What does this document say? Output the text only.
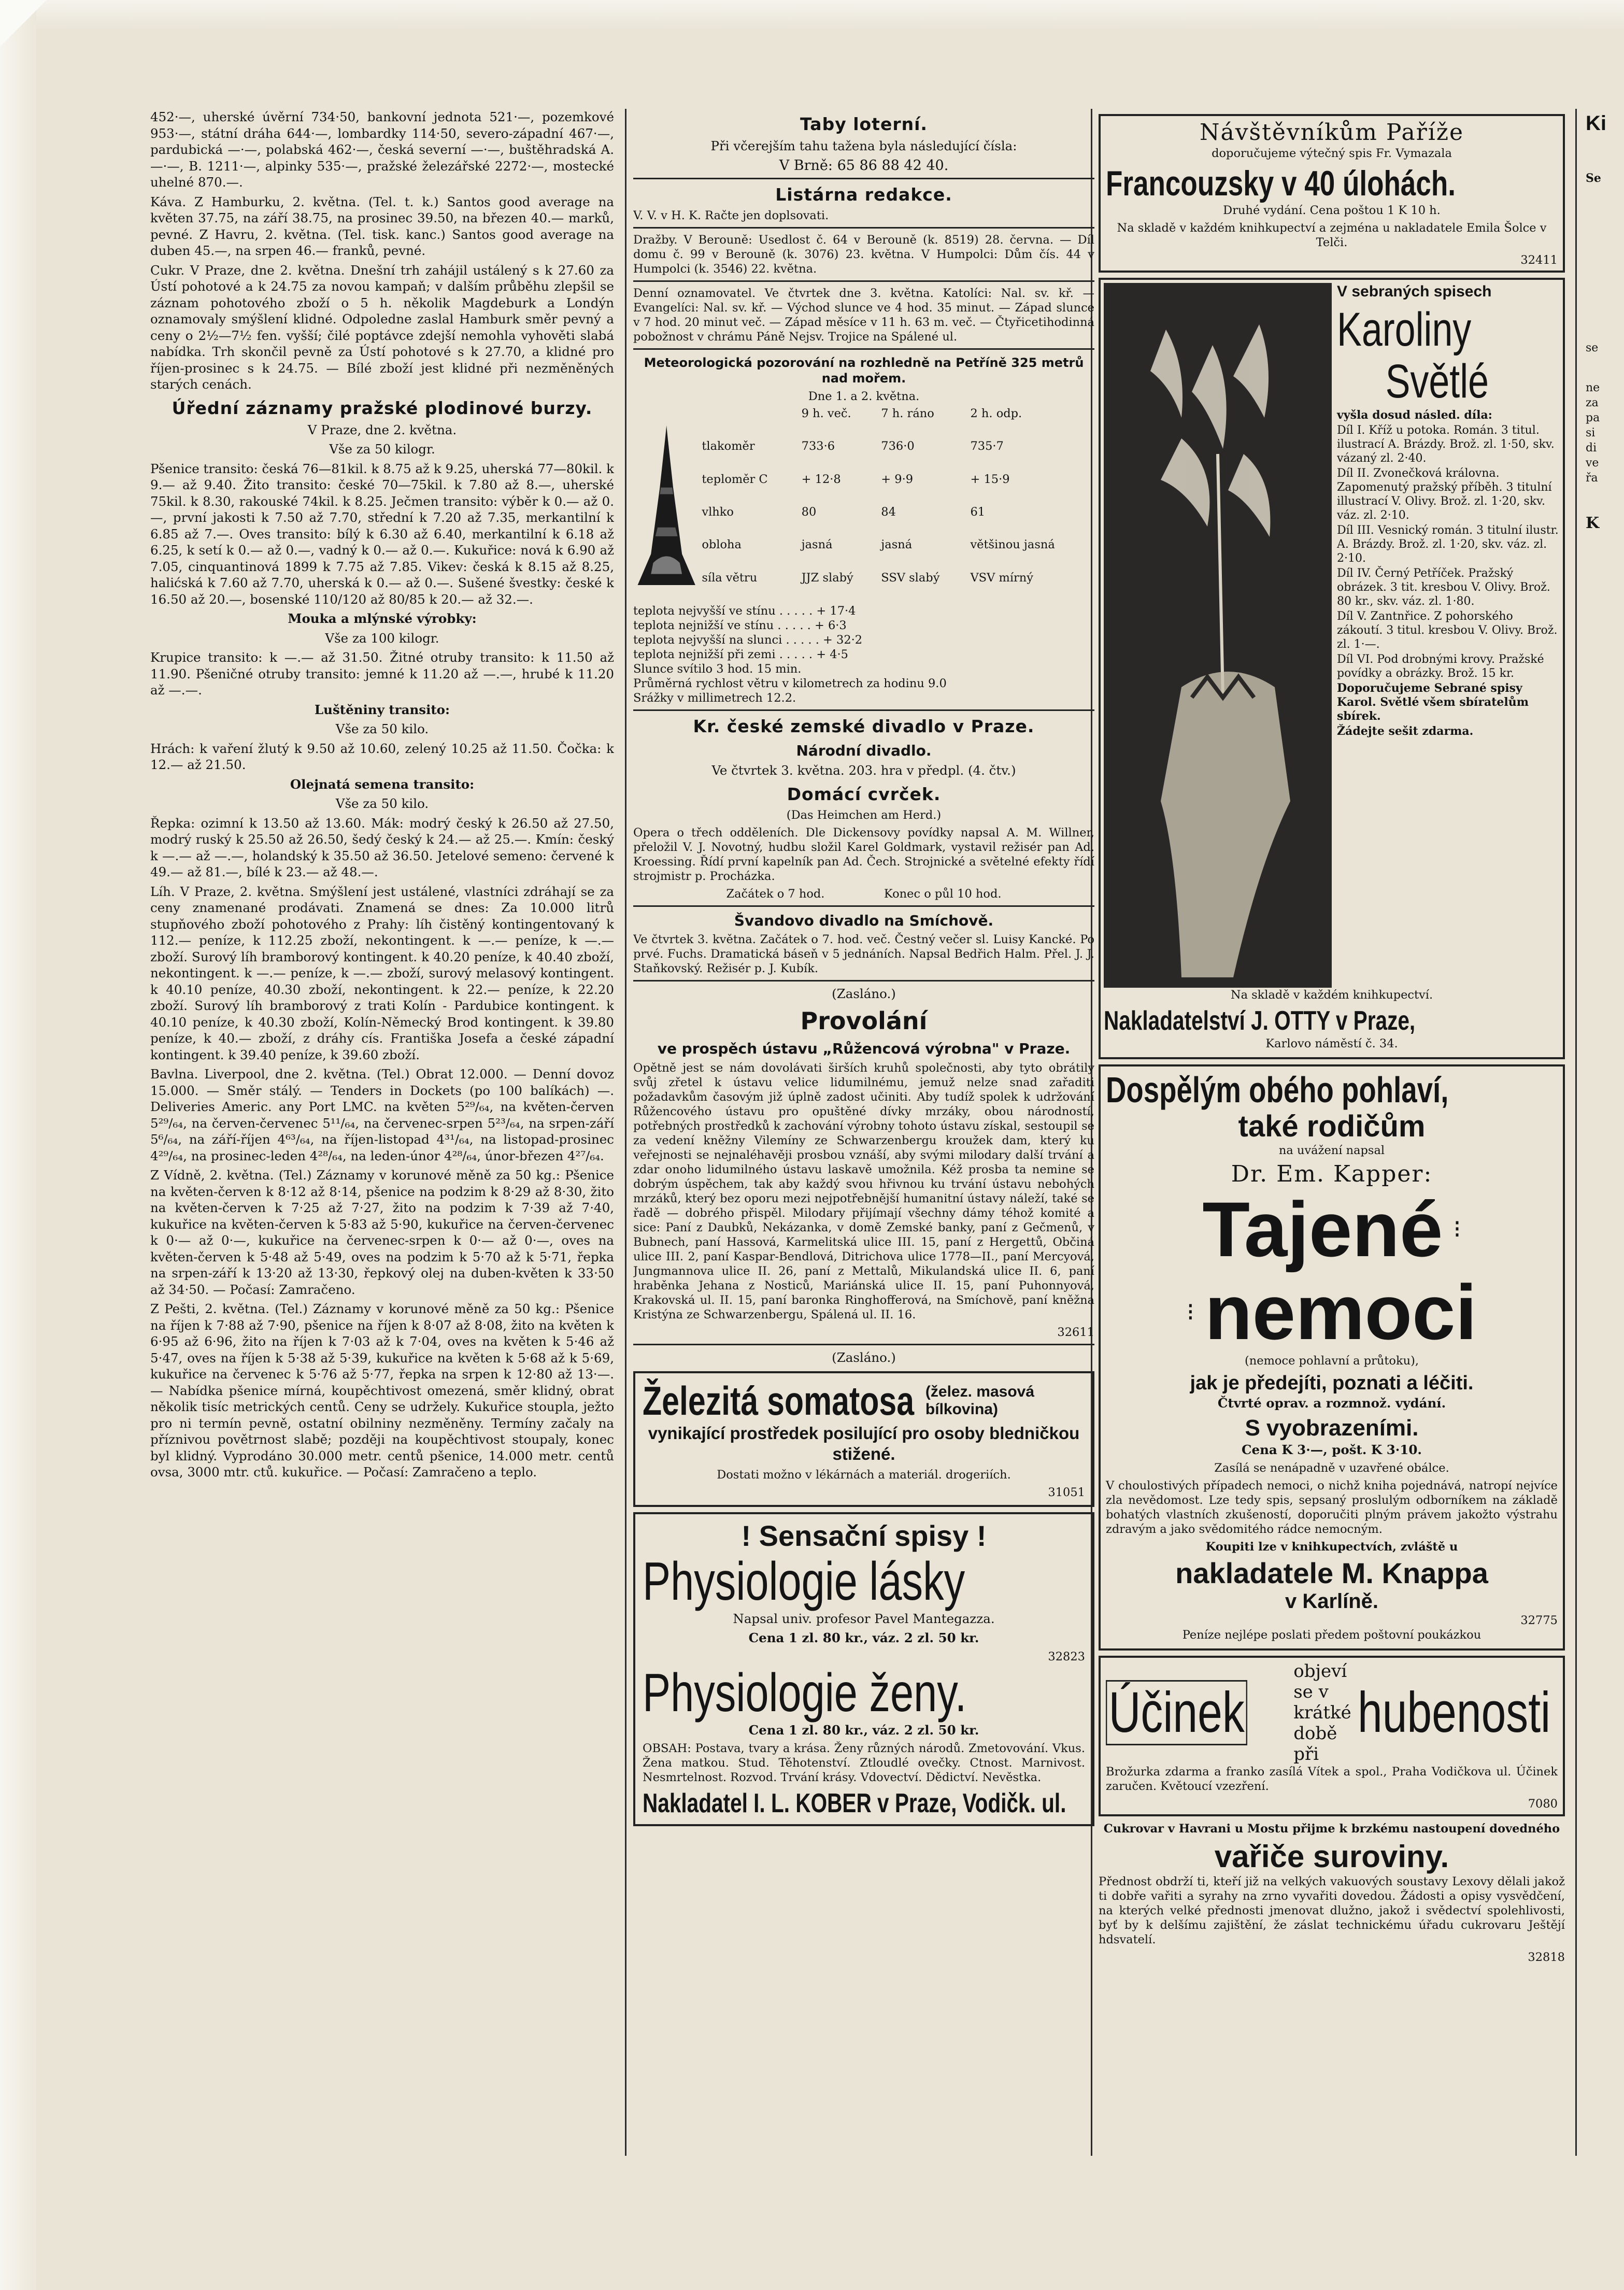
452·—, uherské úvěrní 734·50, bankovní jednota 521·—, pozemkové 953·—, státní dráha 644·—, lombardky 114·50, severo-západní 467·—, pardubická —·—, polabská 462·—, česká severní —·—, buštěhradská A. —·—, B. 1211·—, alpinky 535·—, pražské železářské 2272·—, mostecké uhelné 870.—.

Káva. Z Hamburku, 2. května. (Tel. t. k.) Santos good average na květen 37.75, na září 38.75, na prosinec 39.50, na březen 40.— marků, pevné. Z Havru, 2. května. (Tel. tisk. kanc.) Santos good average na duben 45.—, na srpen 46.— franků, pevné.

Cukr. V Praze, dne 2. května. Dnešní trh zahájil ustálený s k 27.60 za Ústí pohotové a k 24.75 za novou kampaň; v dalším průběhu zlepšil se záznam pohotového zboží o 5 h. několik Magdeburk a Londýn oznamovaly smýšlení klidné. Odpoledne zaslal Hamburk směr pevný a ceny o 2½—7½ fen. vyšší; čilé poptávce zdejší nemohla vyhověti slabá nabídka. Trh skončil pevně za Ústí pohotové s k 27.70, a klidné pro říjen-prosinec s k 24.75. — Bílé zboží jest klidné při nezměněných starých cenách.

Úřední záznamy pražské plodinové burzy.

V Praze, dne 2. května.

Vše za 50 kilogr.

Pšenice transito: česká 76—81kil. k 8.75 až k 9.25, uherská 77—80kil. k 9.— až 9.40. Žito transito: české 70—75kil. k 7.80 až 8.—, uherské 75kil. k 8.30, rakouské 74kil. k 8.25. Ječmen transito: výběr k 0.— až 0.—, první jakosti k 7.50 až 7.70, střední k 7.20 až 7.35, merkantilní k 6.85 až 7.—. Oves transito: bílý k 6.30 až 6.40, merkantilní k 6.18 až 6.25, k setí k 0.— až 0.—, vadný k 0.— až 0.—. Kukuřice: nová k 6.90 až 7.05, cinquantinová 1899 k 7.75 až 7.85. Vikev: česká k 8.15 až 8.25, halićská k 7.60 až 7.70, uherská k 0.— až 0.—. Sušené švestky: české k 16.50 až 20.—, bosenské 110/120 až 80/85 k 20.— až 32.—.

Mouka a mlýnské výrobky:

Vše za 100 kilogr.

Krupice transito: k —.— až 31.50. Žitné otruby transito: k 11.50 až 11.90. Pšeničné otruby transito: jemné k 11.20 až —.—, hrubé k 11.20 až —.—.

Luštěniny transito:

Vše za 50 kilo.

Hrách: k vaření žlutý k 9.50 až 10.60, zelený 10.25 až 11.50. Čočka: k 12.— až 21.50.

Olejnatá semena transito:

Vše za 50 kilo.

Řepka: ozimní k 13.50 až 13.60. Mák: modrý český k 26.50 až 27.50, modrý ruský k 25.50 až 26.50, šedý český k 24.— až 25.—. Kmín: český k —.— až —.—, holandský k 35.50 až 36.50. Jetelové semeno: červené k 49.— až 81.—, bílé k 23.— až 48.—.

Líh. V Praze, 2. května. Smýšlení jest ustálené, vlastníci zdráhají se za ceny znamenané prodávati. Znamená se dnes: Za 10.000 litrů stupňového zboží pohotového z Prahy: líh čistěný kontingentovaný k 112.— peníze, k 112.25 zboží, nekontingent. k —.— peníze, k —.— zboží. Surový líh bramborový kontingent. k 40.20 peníze, k 40.40 zboží, nekontingent. k —.— peníze, k —.— zboží, surový melasový kontingent. k 40.10 peníze, 40.30 zboží, nekontingent. k 22.— peníze, k 22.20 zboží. Surový líh bramborový z trati Kolín - Pardubice kontingent. k 40.10 peníze, k 40.30 zboží, Kolín-Německý Brod kontingent. k 39.80 peníze, k 40.— zboží, z dráhy cís. Františka Josefa a české západní kontingent. k 39.40 peníze, k 39.60 zboží.

Bavlna. Liverpool, dne 2. května. (Tel.) Obrat 12.000. — Denní dovoz 15.000. — Směr stálý. — Tenders in Dockets (po 100 balíkách) —. Deliveries Americ. any Port LMC. na květen 5²⁹/₆₄, na květen-červen 5²⁹/₆₄, na červen-červenec 5¹¹/₆₄, na červenec-srpen 5²³/₆₄, na srpen-září 5⁶/₆₄, na září-říjen 4⁶³/₆₄, na říjen-listopad 4³¹/₆₄, na listopad-prosinec 4²⁹/₆₄, na prosinec-leden 4²⁸/₆₄, na leden-únor 4²⁸/₆₄, únor-březen 4²⁷/₆₄.

Z Vídně, 2. května. (Tel.) Záznamy v korunové měně za 50 kg.: Pšenice na květen-červen k 8·12 až 8·14, pšenice na podzim k 8·29 až 8·30, žito na květen-červen k 7·25 až 7·27, žito na podzim k 7·39 až 7·40, kukuřice na květen-červen k 5·83 až 5·90, kukuřice na červen-červenec k 0·— až 0·—, kukuřice na červenec-srpen k 0·— až 0·—, oves na květen-červen k 5·48 až 5·49, oves na podzim k 5·70 až k 5·71, řepka na srpen-září k 13·20 až 13·30, řepkový olej na duben-květen k 33·50 až 34·50. — Počasí: Zamračeno.

Z Pešti, 2. května. (Tel.) Záznamy v korunové měně za 50 kg.: Pšenice na říjen k 7·88 až 7·90, pšenice na říjen k 8·07 až 8·08, žito na květen k 6·95 až 6·96, žito na říjen k 7·03 až k 7·04, oves na květen k 5·46 až 5·47, oves na říjen k 5·38 až 5·39, kukuřice na květen k 5·68 až k 5·69, kukuřice na červenec k 5·76 až 5·77, řepka na srpen k 12·80 až 13·—. — Nabídka pšenice mírná, koupěchtivost omezená, směr klidný, obrat několik tisíc metrických centů. Ceny se udržely. Kukuřice stoupla, ježto pro ni termín pevně, ostatní obilniny nezměněny. Termíny začaly na příznivou povětrnost slabě; později na koupěchtivost stoupaly, konec byl klidný. Vyprodáno 30.000 metr. centů pšenice, 14.000 metr. centů ovsa, 3000 mtr. ctů. kukuřice. — Počasí: Zamračeno a teplo.

Taby loterní.

Při včerejším tahu tažena byla následující čísla:

V Brně: 65 86 88 42 40.

Listárna redakce.

V. V. v H. K. Račte jen doplsovati.

Dražby. V Berouně: Usedlost č. 64 v Berouně (k. 8519) 28. června. — Díl domu č. 99 v Berouně (k. 3076) 23. května. V Humpolci: Dům čís. 44 v Humpolci (k. 3546) 22. května.

Denní oznamovatel. Ve čtvrtek dne 3. května. Katolíci: Nal. sv. kř. — Evangelíci: Nal. sv. kř. — Východ slunce ve 4 hod. 35 minut. — Západ slunce v 7 hod. 20 minut več. — Západ měsíce v 11 h. 63 m. več. — Čtyřicetihodinná pobožnost v chrámu Páně Nejsv. Trojice na Spálené ul.

Meteorologická pozorování na rozhledně na Petříně 325 metrů nad mořem.

Dne 1. a 2. května.

	9 h. več.	7 h. ráno	2 h. odp.
tlakoměr	733·6	736·0	735·7
teploměr C	+ 12·8	+ 9·9	+ 15·9
vlhko	80	84	61
obloha	jasná	jasná	většinou jasná
síla větru	JJZ slabý	SSV slabý	VSV mírný

teplota nejvyšší ve stínu . . . . . + 17·4
teplota nejnižší ve stínu . . . . . + 6·3
teplota nejvyšší na slunci . . . . . + 32·2
teplota nejnižší při zemi . . . . . + 4·5
Slunce svítilo 3 hod. 15 min.
Průměrná rychlost větru v kilometrech za hodinu 9.0
Srážky v millimetrech 12.2.

Kr. české zemské divadlo v Praze.
Národní divadlo.

Ve čtvrtek 3. května. 203. hra v předpl. (4. čtv.)

Domácí cvrček.

(Das Heimchen am Herd.)

Opera o třech odděleních. Dle Dickensovy povídky napsal A. M. Willner, přeložil V. J. Novotný, hudbu složil Karel Goldmark, vystavil režisér pan Ad. Kroessing. Řídí první kapelník pan Ad. Čech. Strojnické a světelné efekty řídí strojmistr p. Procházka.

Začátek o 7 hod.                Konec o půl 10 hod.

Švandovo divadlo na Smíchově.

Ve čtvrtek 3. května. Začátek o 7. hod. več. Čestný večer sl. Luisy Kancké. Po prvé. Fuchs. Dramatická báseň v 5 jednáních. Napsal Bedřich Halm. Přel. J. J. Staňkovský. Režisér p. J. Kubík.

(Zasláno.)

Provolání
ve prospěch ústavu „Růžencová výrobna" v Praze.

Opětně jest se nám dovolávati širších kruhů společnosti, aby tyto obrátily svůj zřetel k ústavu velice lidumilnému, jemuž nelze snad zařaditi požadavkům časovým již úplně zadost učiniti. Aby tudíž spolek k udržování Růžencového ústavu pro opuštěné dívky mrzáky, obou národností, potřebných prostředků k zachování výrobny tohoto ústavu získal, sestoupil se za vedení kněžny Vilemíny ze Schwarzenbergu kroužek dam, který ku veřejnosti se nejnaléhavěji prosbou vznáší, aby svými milodary další trvání a zdar onoho lidumilného ústavu laskavě umožnila. Kéž prosba ta nemine se dobrým úspěchem, tak aby každý svou hřivnou ku trvání ústavu nebohých mrzáků, který bez oporu mezi nejpotřebnější humanitní ústavy náleží, také se řadě — dobrého přispěl. Milodary přijímají všechny dámy téhož komité a sice: Paní z Daubků, Nekázanka, v domě Zemské banky, paní z Gečmenů, v Bubnech, paní Hassová, Karmelitská ulice III. 15, paní z Hergettů, Občiná ulice III. 2, paní Kaspar-Bendlová, Ditrichova ulice 1778—II., paní Mercyová, Jungmannova ulice II. 26, paní z Mettalů, Mikulandská ulice II. 6, paní hraběnka Jehana z Nosticů, Mariánská ulice II. 15, paní Puhonnyová, Krakovská ul. II. 15, paní baronka Ringhofferová, na Smíchově, paní kněžna Kristýna ze Schwarzenbergu, Spálená ul. II. 16.

32611

(Zasláno.)

Železitá somatosa (želez. masová bílkovina)

vynikající prostředek posilující pro osoby bledničkou stižené.

Dostati možno v lékárnách a materiál. drogeriích.

31051

! Sensační spisy !
Physiologie lásky

Napsal univ. profesor Pavel Mantegazza.

Cena 1 zl. 80 kr., váz. 2 zl. 50 kr.

32823

Physiologie ženy.

Cena 1 zl. 80 kr., váz. 2 zl. 50 kr.

OBSAH: Postava, tvary a krása. Ženy různých národů. Zmetovování. Vkus. Žena matkou. Stud. Těhotenství. Ztloudlé ovečky. Ctnost. Marnivost. Nesmrtelnost. Rozvod. Trvání krásy. Vdovectví. Dědictví. Nevěstka.

Nakladatel I. L. KOBER v Praze, Vodičk. ul.
Návštěvníkům Paříže

doporučujeme výtečný spis Fr. Vymazala

Francouzsky v 40 úlohách.

Druhé vydání. Cena poštou 1 K 10 h.

Na skladě v každém knihkupectví a zejména u nakladatele Emila Šolce v Telči.

32411

V sebraných spisech

Karoliny
Světlé

vyšla dosud násled. díla:

Díl I. Kříž u potoka. Román. 3 titul. ilustrací A. Brázdy. Brož. zl. 1·50, skv. vázaný zl. 2·40.

Díl II. Zvonečková královna. Zapomenutý pražský příběh. 3 titulní illustrací V. Olivy. Brož. zl. 1·20, skv. váz. zl. 2·10.

Díl III. Vesnický román. 3 titulní ilustr. A. Brázdy. Brož. zl. 1·20, skv. váz. zl. 2·10.

Díl IV. Černý Petříček. Pražský obrázek. 3 tit. kresbou V. Olivy. Brož. 80 kr., skv. váz. zl. 1·80.

Díl V. Zantnřice. Z pohorského zákoutí. 3 titul. kresbou V. Olivy. Brož. zl. 1·—.

Díl VI. Pod drobnými krovy. Pražské povídky a obrázky. Brož. 15 kr.

Doporučujeme Sebrané spisy Karol. Světlé všem sbíratelům sbírek.

Žádejte sešit zdarma.

Na skladě v každém knihkupectví.

Nakladatelství J. OTTY v Praze,

Karlovo náměstí č. 34.

Dospělým obého pohlaví,
také rodičům

na uvážení napsal

Dr. Em. Kapper:
Tajené ⁝
⁝ nemoci

(nemoce pohlavní a průtoku),

jak je předejíti, poznati a léčiti.

Čtvrté oprav. a rozmnož. vydání.

S vyobrazeními.

Cena K 3·—, pošt. K 3·10.

Zasílá se nenápadně v uzavřené obálce.

V choulostivých případech nemoci, o nichž kniha pojednává, natropí nejvíce zla nevědomost. Lze tedy spis, sepsaný proslulým odborníkem na základě bohatých vlastních zkušeností, doporučiti plným právem jakožto výstrahu zdravým a jako svědomitého rádce nemocným.

Koupiti lze v knihkupectvích, zvláště u

nakladatele M. Knappa
v Karlíně.

32775

Peníze nejlépe poslati předem poštovní poukázkou

Účinek
objeví se v krátké době při
hubenosti

Brožurka zdarma a franko zasílá Vítek a spol., Praha Vodičkova ul. Účinek zaručen. Květoucí vzezření.

7080

Cukrovar v Havrani u Mostu přijme k brzkému nastoupení dovedného

vařiče suroviny.

Přednost obdrží ti, kteří již na velkých vakuových soustavy Lexovy dělali jakož ti dobře vařiti a syrahy na zrno vyvařiti dovedou. Žádosti a opisy vysvědčení, na kterých velké přednosti jmenovat dlužno, jakož i svědectví spolehlivosti, byť by k delšímu zajištění, že záslat technickému úřadu cukrovaru Ještějí hdsvatelí.

32818

Ki
Se
se
ne
za
pa
si
di
ve
řa
K
